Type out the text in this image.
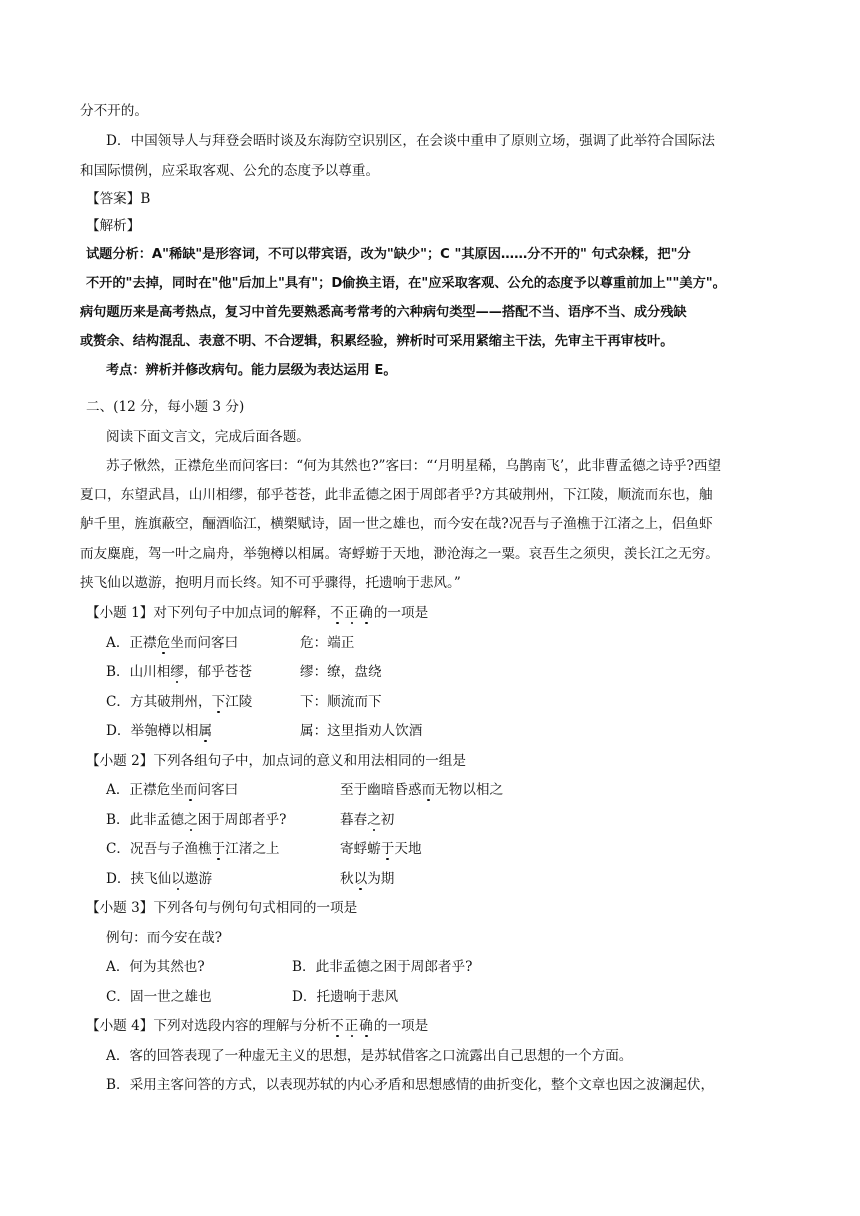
分不开的。
D．中国领导人与拜登会晤时谈及东海防空识别区，在会谈中重申了原则立场，强调了此举符合国际法
和国际惯例，应采取客观、公允的态度予以尊重。
【答案】B
【解析】
试题分析：A"稀缺"是形容词，不可以带宾语，改为"缺少"；C "其原因……分不开的" 句式杂糅，把"分
不开的"去掉，同时在"他"后加上"具有"；D偷换主语，在"应采取客观、公允的态度予以尊重前加上""美方"。
病句题历来是高考热点，复习中首先要熟悉高考常考的六种病句类型——搭配不当、语序不当、成分残缺
或赘余、结构混乱、表意不明、不合逻辑，积累经验，辨析时可采用紧缩主干法，先审主干再审枝叶。
考点：辨析并修改病句。能力层级为表达运用 E。
二、(12 分，每小题 3 分)
阅读下面文言文，完成后面各题。
苏子愀然，正襟危坐而问客曰：“何为其然也?”客曰：“‘月明星稀，乌鹊南飞’，此非曹孟德之诗乎?西望
夏口，东望武昌，山川相缪，郁乎苍苍，此非孟德之困于周郎者乎?方其破荆州，下江陵，顺流而东也，舳
舻千里，旌旗蔽空，酾酒临江，横槊赋诗，固一世之雄也，而今安在哉?况吾与子渔樵于江渚之上，侣鱼虾
而友麋鹿，驾一叶之扁舟，举匏樽以相属。寄蜉蝣于天地，渺沧海之一粟。哀吾生之须臾，羡长江之无穷。
挟飞仙以遨游，抱明月而长终。知不可乎骤得，托遗响于悲风。”
【小题 1】对下列句子中加点词的解释，不正确的一项是
A．正襟危坐而问客曰	危：端正
B．山川相缪，郁乎苍苍	缪：缭，盘绕
C．方其破荆州，下江陵	下：顺流而下
D．举匏樽以相属	属：这里指劝人饮酒
【小题 2】下列各组句子中，加点词的意义和用法相同的一组是
A．正襟危坐而问客曰	至于幽暗昏惑而无物以相之
B．此非孟德之困于周郎者乎?	暮春之初
C．况吾与子渔樵于江渚之上	寄蜉蝣于天地
D．挟飞仙以遨游	秋以为期
【小题 3】下列各句与例句句式相同的一项是
例句：而今安在哉?
A．何为其然也?	B．此非孟德之困于周郎者乎?
C．固一世之雄也	D．托遗响于悲风
【小题 4】下列对选段内容的理解与分析不正确的一项是
A．客的回答表现了一种虚无主义的思想，是苏轼借客之口流露出自己思想的一个方面。
B．采用主客问答的方式，以表现苏轼的内心矛盾和思想感情的曲折变化，整个文章也因之波澜起伏，
